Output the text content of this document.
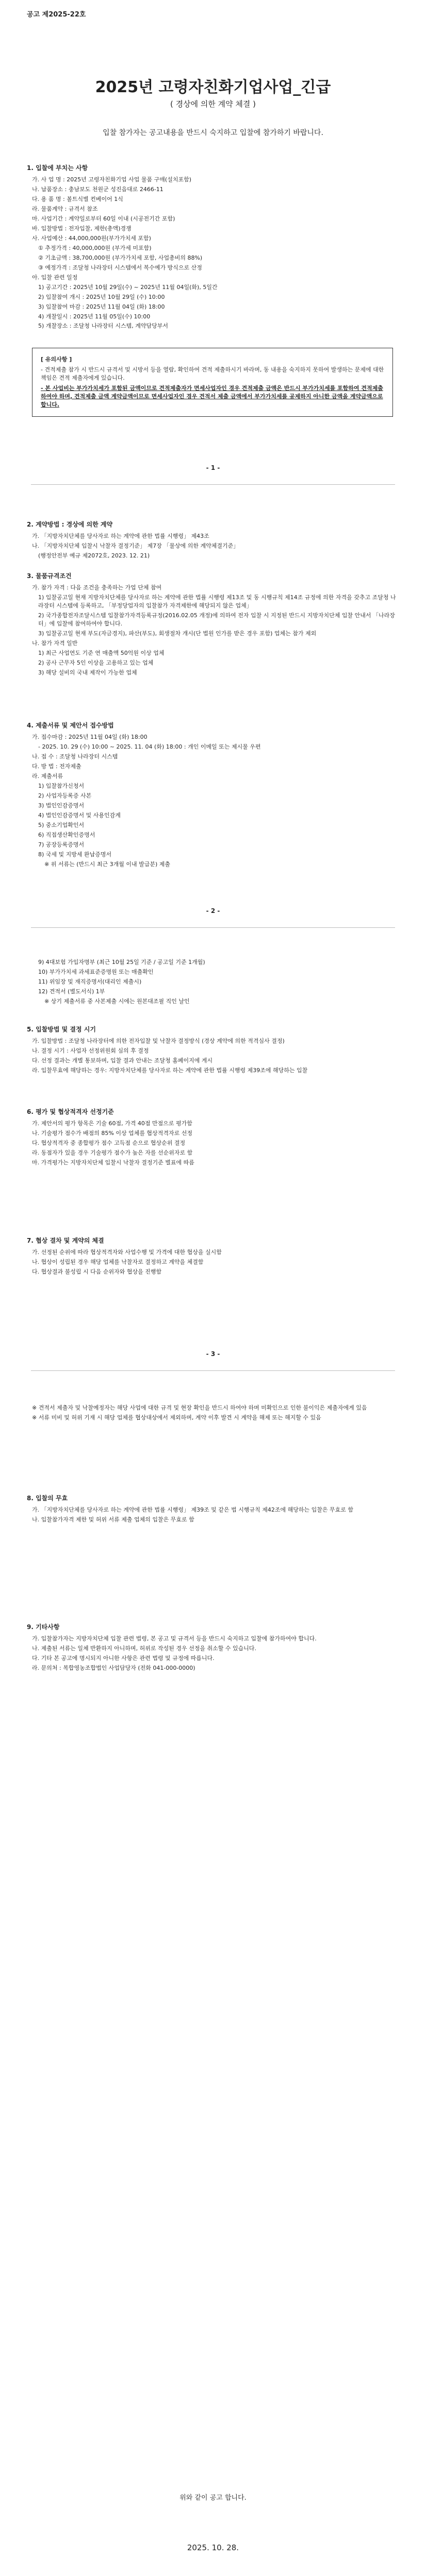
공고 제2025-22호
2025년 고령자친화기업사업_긴급
( 경상에 의한 계약 체결 )
입찰 참가자는 공고내용을 반드시 숙지하고 입찰에 참가하기 바랍니다.
1. 입찰에 부치는 사항
가. 사 업 명 : 2025년 고령자친화기업 사업 물품 구매(설치포함)
나. 납품장소 : 충남보도 천원군 성진읍대로 2466-11
다. 용 품 명 : 볼트식별 컨베이어 1식
라. 물품계약 : 규격서 참조
마. 사업기간 : 계약일로부터 60일 이내 (시공전기간 포함)
바. 입찰방법 : 전자입찰, 제한(총액)경쟁
사. 사업예산 : 44,000,000원(부가가치세 포함)
① 추정가격 : 40,000,000원 (부가세 미포함)
② 기초금액 : 38,700,000원 (부가가치세 포함, 사업총비의 88%)
③ 예정가격 : 조달청 나라장터 시스템에서 복수예가 방식으로 산정
아. 입찰 관련 일정
1) 공고기간 : 2025년 10월 29일(수) ~ 2025년 11월 04일(화), 5일간
2) 입찰참여 개시 : 2025년 10월 29일 (수) 10:00
3) 입찰참여 마감 : 2025년 11월 04일 (화) 18:00
4) 개찰일시 : 2025년 11월 05일(수) 10:00
5) 개찰장소 : 조달청 나라장터 시스템, 계약담당부서
[ 유의사항 ]
- 견적제출 참가 시 반드시 규격서 및 시방서 등을 열람, 확인하여 견적 제출하시기 바라며, 동 내용을 숙지하지 못하여 발생하는 문제에 대한 책임은 견적 제출자에게 있습니다.
- 본 사업비는 부가가치세가 포함된 금액이므로 견적제출자가 면세사업자인 경우 견적제출 금액은 반드시 부가가치세를 포함하여 견적제출하여야 하며, 견적제출 금액 계약금액이므로 면세사업자인 경우 견적서 제출 금액에서 부가가치세를 공제하지 아니한 금액을 계약금액으로 합니다.
- 1 -
2. 계약방법 : 경상에 의한 계약
가. 「지방자치단체를 당사자로 하는 계약에 관한 법률 시행령」 제43조
나. 「지방자치단체 입찰시 낙찰자 결정기준」 제7장 「물상에 의한 계약체결기준」
(행정안전부 예규 제2072호, 2023. 12. 21)
3. 물품규격조건
가. 참가 자격 : 다음 조건을 충족하는 가업 단체 참여
1) 입찰공고일 현재 지방자치단체를 당사자로 하는 계약에 관한 법률 시행령 제13조 및 동 시행규칙 제14조 규정에 의한 자격을 갖추고 조달청 나라장터 시스템에 등록하고, 「부정당업자의 입찰참가 자격제한에 해당되지 않은 업체」
2) 국가종합전자조달시스템 입찰참가자격등록규정(2016.02.05 개정)에 의하여 전자 입찰 시 지정된 반드시 지방자치단체 입찰 안내서 「나라장터」에 입찰에 참여하여야 합니다.
3) 입찰공고일 현재 부도(자금경지), 파산(부도), 회생절차 개시(단 법원 인가를 받은 경우 포함) 업체는 참가 제외
나. 참가 자격 일반
1) 최근 사업연도 기준 연 매출액 50억원 이상 업체
2) 공사 근무자 5인 이상을 고용하고 있는 업체
3) 해당 설비의 국내 제작이 가능한 업체
4. 제출서류 및 제안서 접수방법
가. 접수마감 : 2025년 11월 04일 (화) 18:00
- 2025. 10. 29 (수) 10:00 ~ 2025. 11. 04 (화) 18:00 : 개인 이메일 또는 제시물 우편
나. 접 수 : 조달청 나라장터 시스템
다. 방 법 : 전자제출
라. 제출서류
1) 입찰참가신청서
2) 사업자등록증 사본
3) 법인인감증명서
4) 법인인감증명서 및 사용인감계
5) 중소기업확인서
6) 직접생산확인증명서
7) 공장등록증명서
8) 국세 및 지방세 완납증명서
※ 위 서류는 (반드시 최근 3개월 이내 발급분) 제출
- 2 -
9) 4대보험 가입자명부 (최근 10월 25일 기준 / 공고일 기준 1개월)
10) 부가가치세 과세표준증명원 또는 매출확인
11) 위임장 및 재직증명서(대리인 제출시)
12) 견적서 (별도서식) 1부
※ 상기 제출서류 중 사본제출 시에는 원본대조필 직인 날인
5. 입찰방법 및 결정 시기
가. 입찰방법 : 조달청 나라장터에 의한 전자입찰 및 낙찰자 결정방식 (경상 계약에 의한 적격심사 결정)
나. 결정 시기 : 사업자 선정위원회 심의 후 결정
다. 선정 결과는 개별 통보하며, 입찰 결과 안내는 조달청 홈페이지에 게시
라. 입찰무효에 해당하는 경우: 지방자치단체를 당사자로 하는 계약에 관한 법률 시행령 제39조에 해당하는 입찰
6. 평가 및 협상적격자 선정기준
가. 제안서의 평가 항목은 기술 60점, 가격 40점 만점으로 평가함
나. 기술평가 점수가 배점의 85% 이상 업체를 협상적격자로 선정
다. 협상적격자 중 종합평가 점수 고득점 순으로 협상순위 결정
라. 동점자가 있을 경우 기술평가 점수가 높은 자를 선순위자로 함
마. 가격평가는 지방자치단체 입찰시 낙찰자 결정기준 별표에 따름
7. 협상 결차 및 계약의 체결
가. 선정된 순위에 따라 협상적격자와 사업수행 및 가격에 대한 협상을 실시함
나. 협상이 성립된 경우 해당 업체를 낙찰자로 결정하고 계약을 체결함
다. 협상결과 불성립 시 다음 순위자와 협상을 진행함
- 3 -
※ 견적서 제출자 및 낙찰예정자는 해당 사업에 대한 규격 및 현장 확인을 반드시 하여야 하며 미확인으로 인한 불이익은 제출자에게 있음
※ 서류 미비 및 허위 기재 시 해당 업체를 협상대상에서 제외하며, 계약 이후 발견 시 계약을 해제 또는 해지할 수 있음
8. 입찰의 무효
가. 「지방자치단체를 당사자로 하는 계약에 관한 법률 시행령」 제39조 및 같은 법 시행규칙 제42조에 해당하는 입찰은 무효로 함
나. 입찰참가자격 제한 및 허위 서류 제출 업체의 입찰은 무효로 함
9. 기타사항
가. 입찰참가자는 지방자치단체 입찰 관련 법령, 본 공고 및 규격서 등을 반드시 숙지하고 입찰에 참가하여야 합니다.
나. 제출된 서류는 일체 반환하지 아니하며, 허위로 작성된 경우 선정을 취소할 수 있습니다.
다. 기타 본 공고에 명시되지 아니한 사항은 관련 법령 및 규정에 따릅니다.
라. 문의처 : 복합영농조합법인 사업담당자 (전화 041-000-0000)
위와 같이 공고 합니다.
2025. 10. 28.
